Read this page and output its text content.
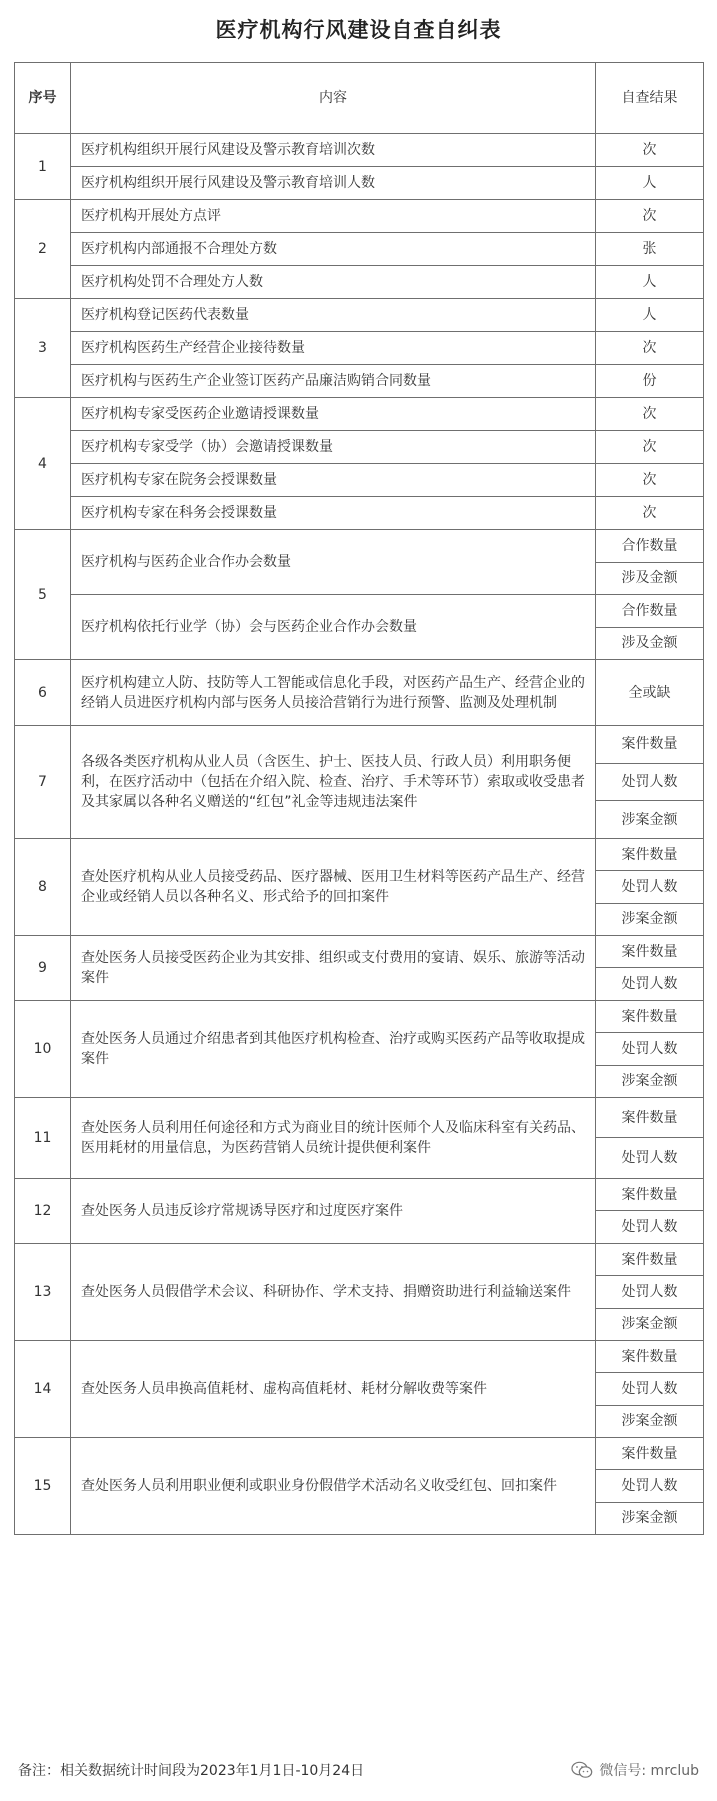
医疗机构行风建设自查自纠表
序号	内容	自查结果
1	医疗机构组织开展行风建设及警示教育培训次数	次
	医疗机构组织开展行风建设及警示教育培训人数	人
2	医疗机构开展处方点评	次
	医疗机构内部通报不合理处方数	张
	医疗机构处罚不合理处方人数	人
3	医疗机构登记医药代表数量	人
	医疗机构医药生产经营企业接待数量	次
	医疗机构与医药生产企业签订医药产品廉洁购销合同数量	份
4	医疗机构专家受医药企业邀请授课数量	次
	医疗机构专家受学（协）会邀请授课数量	次
	医疗机构专家在院务会授课数量	次
	医疗机构专家在科务会授课数量	次
5	医疗机构与医药企业合作办会数量	合作数量
		涉及金额
	医疗机构依托行业学（协）会与医药企业合作办会数量	合作数量
		涉及金额
6	医疗机构建立人防、技防等人工智能或信息化手段，对医药产品生产、经营企业的经销人员进医疗机构内部与医务人员接洽营销行为进行预警、监测及处理机制	全或缺
7	各级各类医疗机构从业人员（含医生、护士、医技人员、行政人员）利用职务便利，在医疗活动中（包括在介绍入院、检查、治疗、手术等环节）索取或收受患者及其家属以各种名义赠送的“红包”礼金等违规违法案件	案件数量
		处罚人数
		涉案金额
8	查处医疗机构从业人员接受药品、医疗器械、医用卫生材料等医药产品生产、经营企业或经销人员以各种名义、形式给予的回扣案件	案件数量
		处罚人数
		涉案金额
9	查处医务人员接受医药企业为其安排、组织或支付费用的宴请、娱乐、旅游等活动案件	案件数量
		处罚人数
10	查处医务人员通过介绍患者到其他医疗机构检查、治疗或购买医药产品等收取提成案件	案件数量
		处罚人数
		涉案金额
11	查处医务人员利用任何途径和方式为商业目的统计医师个人及临床科室有关药品、医用耗材的用量信息，为医药营销人员统计提供便利案件	案件数量
		处罚人数
12	查处医务人员违反诊疗常规诱导医疗和过度医疗案件	案件数量
		处罚人数
13	查处医务人员假借学术会议、科研协作、学术支持、捐赠资助进行利益输送案件	案件数量
		处罚人数
		涉案金额
14	查处医务人员串换高值耗材、虚构高值耗材、耗材分解收费等案件	案件数量
		处罚人数
		涉案金额
15	查处医务人员利用职业便利或职业身份假借学术活动名义收受红包、回扣案件	案件数量
		处罚人数
		涉案金额
备注：相关数据统计时间段为2023年1月1日-10月24日	微信号: mrclub
